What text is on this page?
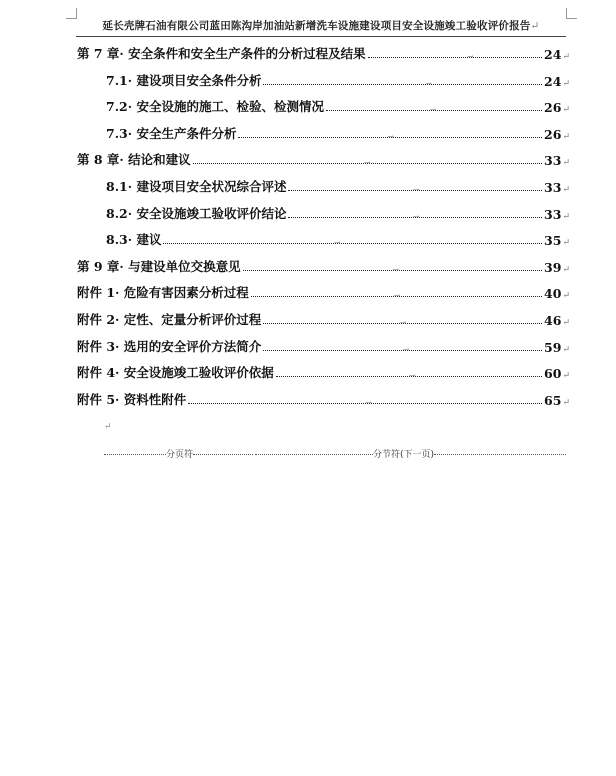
延长壳牌石油有限公司蓝田陈沟岸加油站新增洗车设施建设项目安全设施竣工验收评价报告↵
第 7 章· 安全条件和安全生产条件的分析过程及结果	→	24 ↵
7.1· 建设项目安全条件分析	→	24 ↵
7.2· 安全设施的施工、检验、检测情况	→	26 ↵
7.3· 安全生产条件分析	→	26 ↵
第 8 章· 结论和建议	→	33 ↵
8.1· 建设项目安全状况综合评述	→	33 ↵
8.2· 安全设施竣工验收评价结论	→	33 ↵
8.3· 建议	→	35 ↵
第 9 章· 与建设单位交换意见	→	39 ↵
附件 1· 危险有害因素分析过程	→	40 ↵
附件 2· 定性、定量分析评价过程	→	46 ↵
附件 3· 选用的安全评价方法简介	→	59 ↵
附件 4· 安全设施竣工验收评价依据	→	60 ↵
附件 5· 资料性附件	→	65 ↵
↵
分页符	分节符(下一页)
